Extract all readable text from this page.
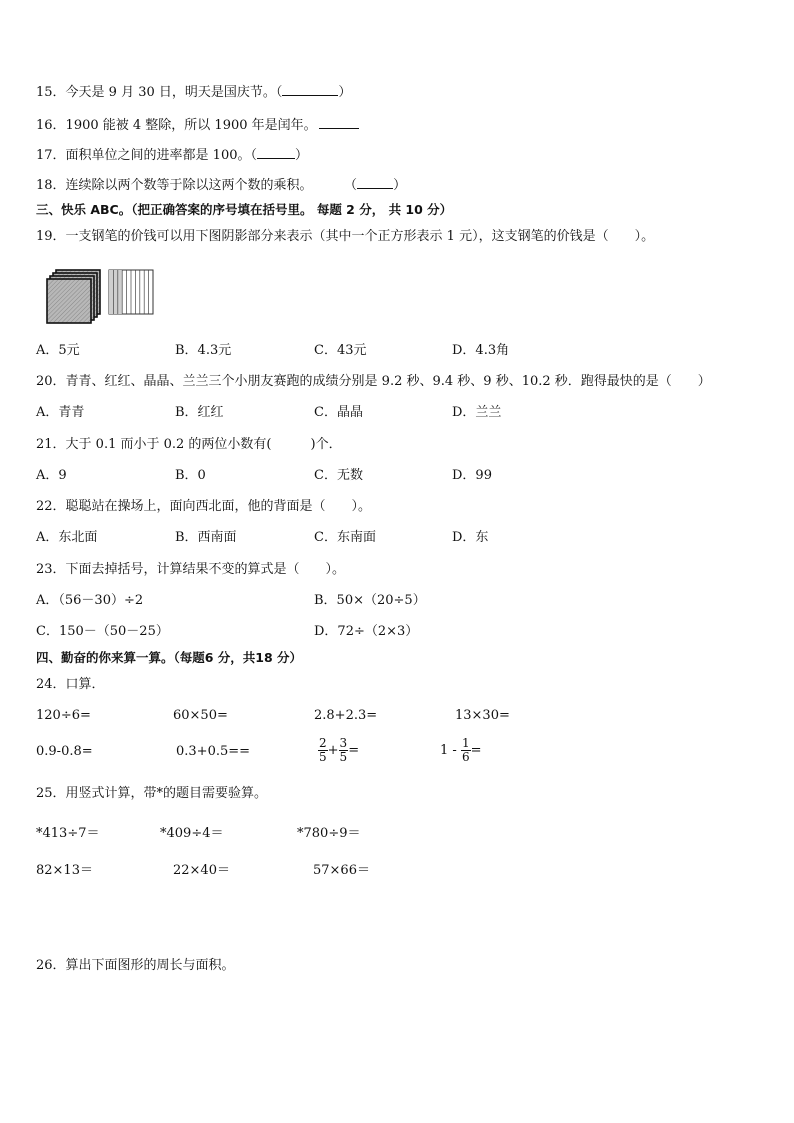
15．今天是 9 月 30 日，明天是国庆节。（	）
16．1900 能被 4 整除，所以 1900 年是闰年。
17．面积单位之间的进率都是 100。（	）
18．连续除以两个数等于除以这两个数的乘积。	（	）
三、快乐 ABC。（把正确答案的序号填在括号里。 每题 2 分， 共 10 分）
19．一支钢笔的价钱可以用下图阴影部分来表示（其中一个正方形表示 1 元），这支钢笔的价钱是（　　）。
A．5元	B．4.3元	C．43元	D．4.3角
20．青青、红红、晶晶、兰兰三个小朋友赛跑的成绩分别是 9.2 秒、9.4 秒、9 秒、10.2 秒．跑得最快的是（　　）
A．青青	B．红红	C．晶晶	D．兰兰
21．大于 0.1 而小于 0.2 的两位小数有(　　　)个．
A．9	B．0	C．无数	D．99
22．聪聪站在操场上，面向西北面，他的背面是（　　）。
A．东北面	B．西南面	C．东南面	D．东
23．下面去掉括号，计算结果不变的算式是（　　）。
A．（56－30）÷2	B．50×（20÷5）
C．150－（50－25）	D．72÷（2×3）
四、勤奋的你来算一算。（每题6 分，共18 分）
24．口算．
120÷6=	60×50=	2.8+2.3=	13×30=
0.9-0.8=	0.3+0.5==	$\frac{2}{5} + \frac{3}{5}$ =	$1 - \frac{1}{6}$ =
25．用竖式计算，带*的题目需要验算。
*413÷7＝	*409÷4＝	*780÷9＝
82×13＝	22×40＝	57×66＝
26．算出下面图形的周长与面积。
